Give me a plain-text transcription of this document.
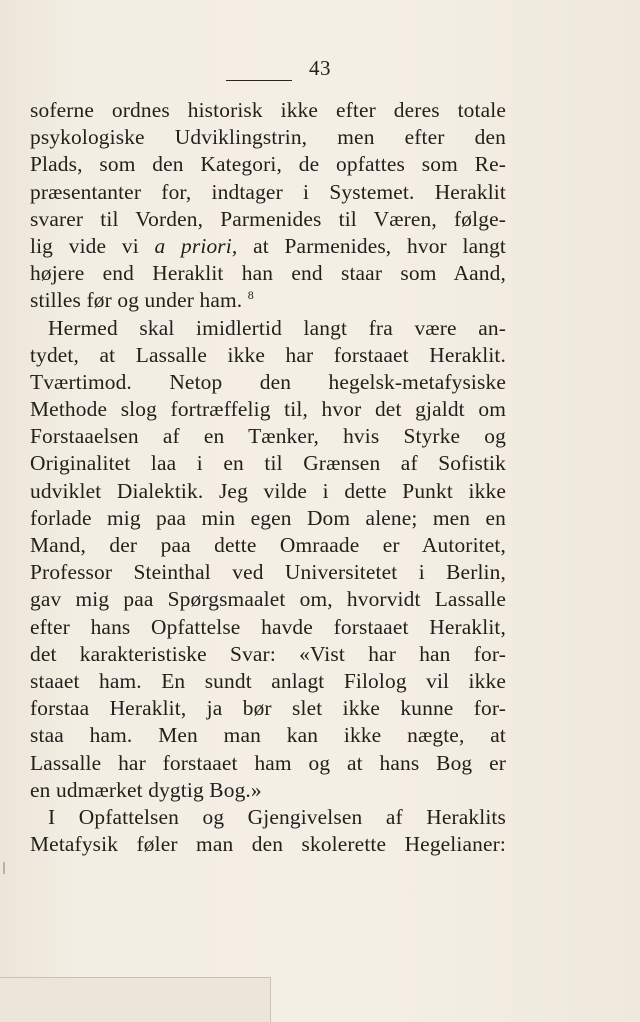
43
soferne ordnes historisk ikke efter deres totale
psykologiske Udviklingstrin, men efter den
Plads, som den Kategori, de opfattes som Re-
præsentanter for, indtager i Systemet. Heraklit
svarer til Vorden, Parmenides til Væren, følge-
lig vide vi a priori, at Parmenides, hvor langt
højere end Heraklit han end staar som Aand,
stilles før og under ham. $^8$
Hermed skal imidlertid langt fra være an-
tydet, at Lassalle ikke har forstaaet Heraklit.
Tværtimod. Netop den hegelsk-metafysiske
Methode slog fortræffelig til, hvor det gjaldt om
Forstaaelsen af en Tænker, hvis Styrke og
Originalitet laa i en til Grænsen af Sofistik
udviklet Dialektik. Jeg vilde i dette Punkt ikke
forlade mig paa min egen Dom alene; men en
Mand, der paa dette Omraade er Autoritet,
Professor Steinthal ved Universitetet i Berlin,
gav mig paa Spørgsmaalet om, hvorvidt Lassalle
efter hans Opfattelse havde forstaaet Heraklit,
det karakteristiske Svar: «Vist har han for-
staaet ham. En sundt anlagt Filolog vil ikke
forstaa Heraklit, ja bør slet ikke kunne for-
staa ham. Men man kan ikke nægte, at
Lassalle har forstaaet ham og at hans Bog er
en udmærket dygtig Bog.»
I Opfattelsen og Gjengivelsen af Heraklits
Metafysik føler man den skolerette Hegelianer:
